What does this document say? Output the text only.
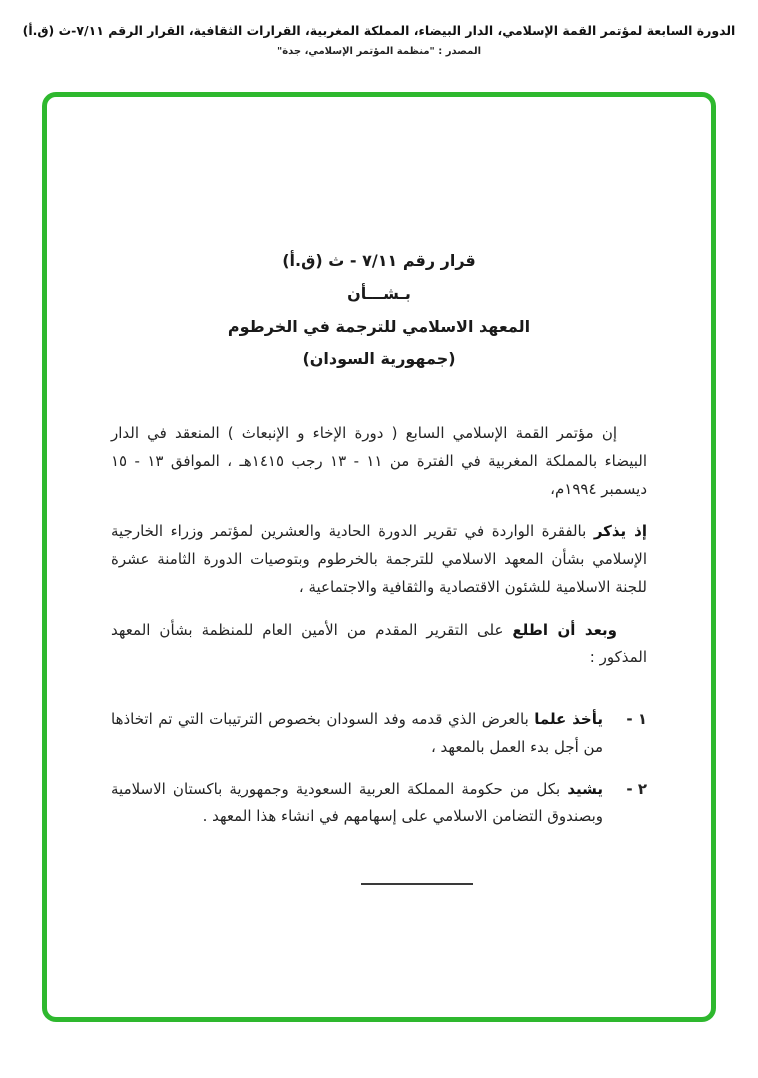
الدورة السابعة لمؤتمر القمة الإسلامي، الدار البيضاء، المملكة المغربية، القرارات الثقافية، القرار الرقم ٧/١١-ث (ق.أ)
المصدر : "منظمة المؤتمر الإسلامي، جدة"
قرار رقم ٧/١١ - ث (ق.أ)
بـشـــأن
المعهد الاسلامي للترجمة في الخرطوم
(جمهورية السودان)

إن مؤتمر القمة الإسلامي السابع ( دورة الإخاء و الإنبعاث ) المنعقد في الدار البيضاء بالمملكة المغربية في الفترة من ١١ - ١٣ رجب ١٤١٥هـ ، الموافق ١٣ - ١٥ ديسمبر ١٩٩٤م،

إذ يذكر بالفقرة الواردة في تقرير الدورة الحادية والعشرين لمؤتمر وزراء الخارجية الإسلامي بشأن المعهد الاسلامي للترجمة بالخرطوم وبتوصيات الدورة الثامنة عشرة للجنة الاسلامية للشئون الاقتصادية والثقافية والاجتماعية ،

وبعد أن اطلع على التقرير المقدم من الأمين العام للمنظمة بشأن المعهد المذكور :

١ -
يأخذ علما بالعرض الذي قدمه وفد السودان بخصوص الترتيبات التي تم اتخاذها من أجل بدء العمل بالمعهد ،
٢ -
يشيد بكل من حكومة المملكة العربية السعودية وجمهورية باكستان الاسلامية وبصندوق التضامن الاسلامي على إسهامهم في انشاء هذا المعهد .
